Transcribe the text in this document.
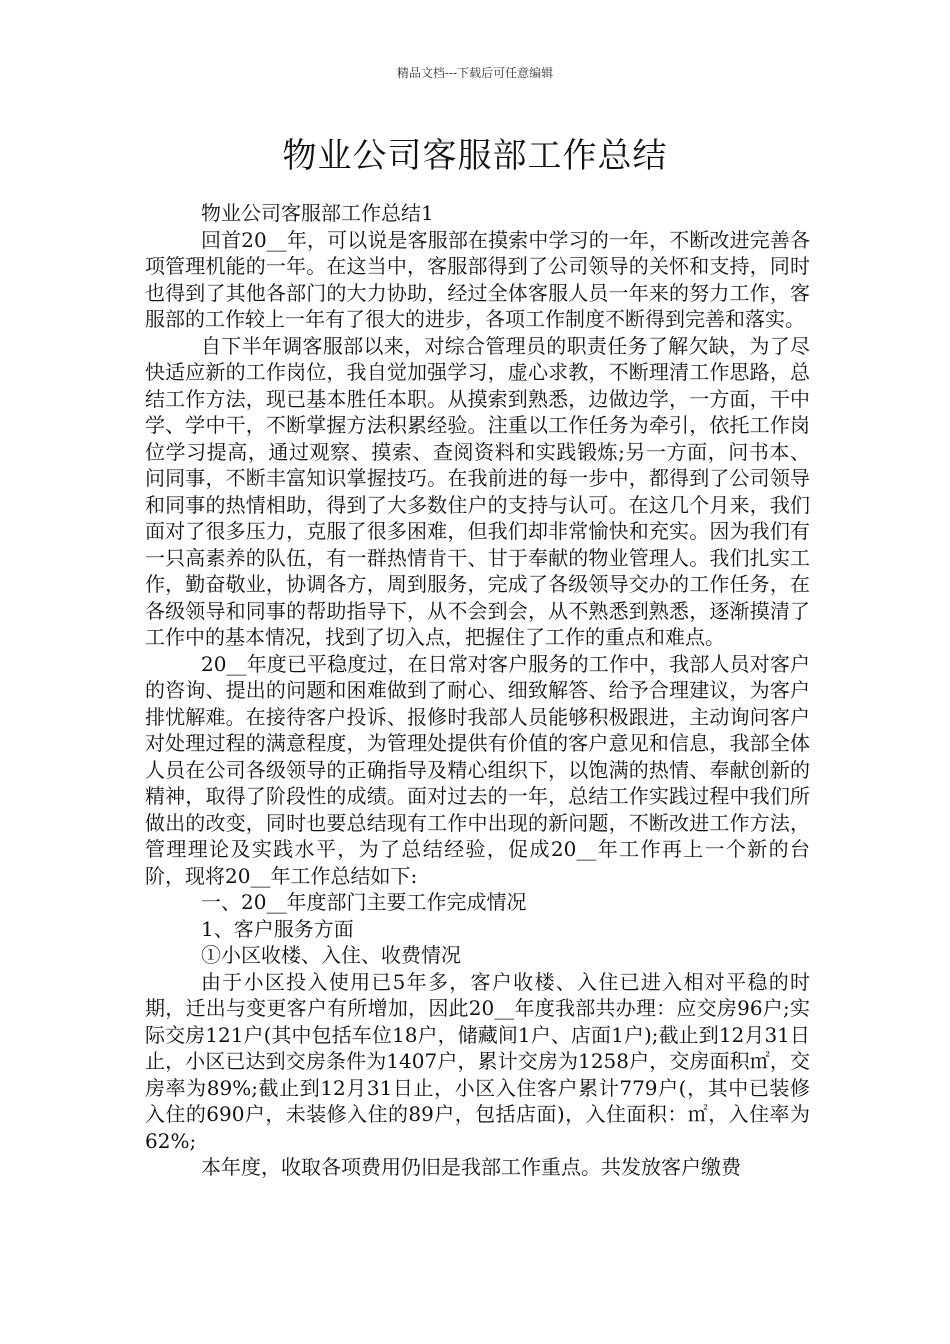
精品文档---下载后可任意编辑
物业公司客服部工作总结

物业公司客服部工作总结1

回首20__年，可以说是客服部在摸索中学习的一年，不断改进完善各项管理机能的一年。在这当中，客服部得到了公司领导的关怀和支持，同时也得到了其他各部门的大力协助，经过全体客服人员一年来的努力工作，客服部的工作较上一年有了很大的进步，各项工作制度不断得到完善和落实。

自下半年调客服部以来，对综合管理员的职责任务了解欠缺，为了尽快适应新的工作岗位，我自觉加强学习，虚心求教，不断理清工作思路，总结工作方法，现已基本胜任本职。从摸索到熟悉，边做边学，一方面，干中学、学中干，不断掌握方法积累经验。注重以工作任务为牵引，依托工作岗位学习提高，通过观察、摸索、查阅资料和实践锻炼;另一方面，问书本、问同事，不断丰富知识掌握技巧。在我前进的每一步中，都得到了公司领导和同事的热情相助，得到了大多数住户的支持与认可。在这几个月来，我们面对了很多压力，克服了很多困难，但我们却非常愉快和充实。因为我们有一只高素养的队伍，有一群热情肯干、甘于奉献的物业管理人。我们扎实工作，勤奋敬业，协调各方，周到服务，完成了各级领导交办的工作任务，在各级领导和同事的帮助指导下，从不会到会，从不熟悉到熟悉，逐渐摸清了工作中的基本情况，找到了切入点，把握住了工作的重点和难点。

20__年度已平稳度过，在日常对客户服务的工作中，我部人员对客户的咨询、提出的问题和困难做到了耐心、细致解答、给予合理建议，为客户排忧解难。在接待客户投诉、报修时我部人员能够积极跟进，主动询问客户对处理过程的满意程度，为管理处提供有价值的客户意见和信息，我部全体人员在公司各级领导的正确指导及精心组织下，以饱满的热情、奉献创新的精神，取得了阶段性的成绩。面对过去的一年，总结工作实践过程中我们所做出的改变，同时也要总结现有工作中出现的新问题，不断改进工作方法，管理理论及实践水平，为了总结经验，促成20__年工作再上一个新的台阶，现将20__年工作总结如下:

一、20__年度部门主要工作完成情况

1、客户服务方面

①小区收楼、入住、收费情况

由于小区投入使用已5年多，客户收楼、入住已进入相对平稳的时期，迁出与变更客户有所增加，因此20__年度我部共办理：应交房96户;实际交房121户(其中包括车位18户，储藏间1户、店面1户);截止到12月31日止，小区已达到交房条件为1407户，累计交房为1258户，交房面积㎡，交房率为89%;截止到12月31日止，小区入住客户累计779户(，其中已装修入住的690户，未装修入住的89户，包括店面)，入住面积：㎡，入住率为62%;

本年度，收取各项费用仍旧是我部工作重点。共发放客户缴费
